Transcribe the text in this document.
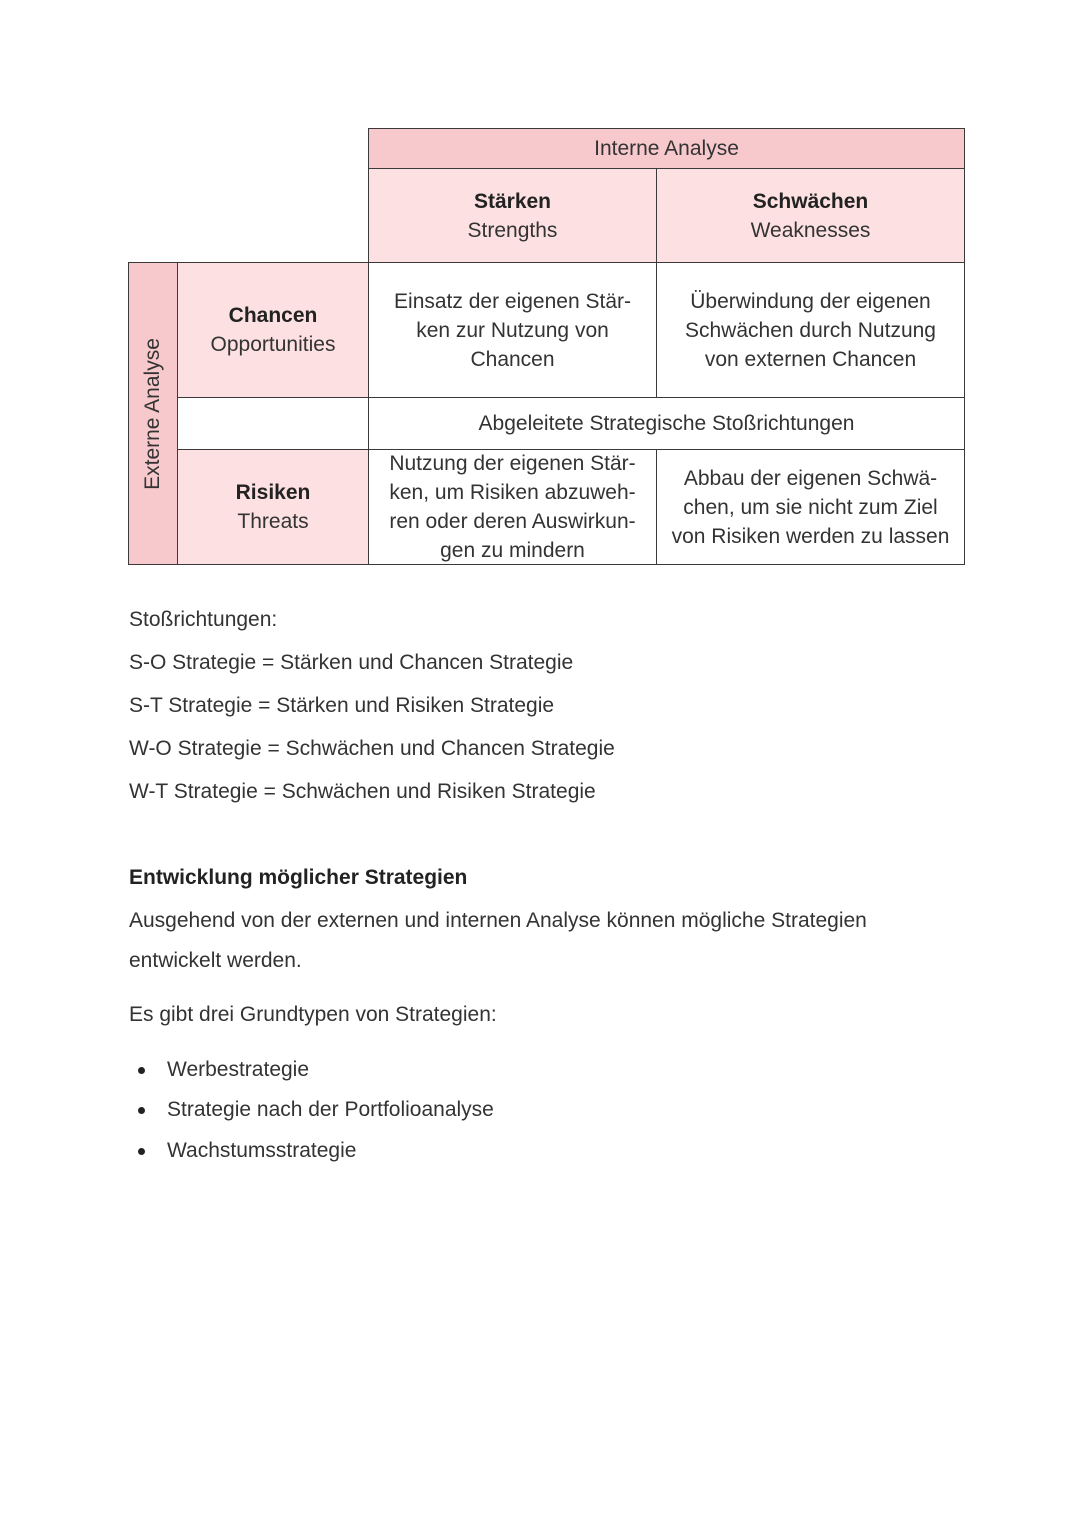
Interne Analyse
Stärken
Strengths
Schwächen
Weaknesses
Externe Analyse
Chancen
Opportunities
Einsatz der eigenen Stär-
ken zur Nutzung von
Chancen
Überwindung der eigenen
Schwächen durch Nutzung
von externen Chancen
Abgeleitete Strategische Stoßrichtungen
Risiken
Threats
Nutzung der eigenen Stär-
ken, um Risiken abzuweh-
ren oder deren Auswirkun-
gen zu mindern
Abbau der eigenen Schwä-
chen, um sie nicht zum Ziel
von Risiken werden zu lassen
Stoßrichtungen:
S-O Strategie = Stärken und Chancen Strategie
S-T Strategie = Stärken und Risiken Strategie
W-O Strategie = Schwächen und Chancen Strategie
W-T Strategie = Schwächen und Risiken Strategie
Entwicklung möglicher Strategien
Ausgehend von der externen und internen Analyse können mögliche Strategien
entwickelt werden.
Es gibt drei Grundtypen von Strategien:
Werbestrategie
Strategie nach der Portfolioanalyse
Wachstumsstrategie
